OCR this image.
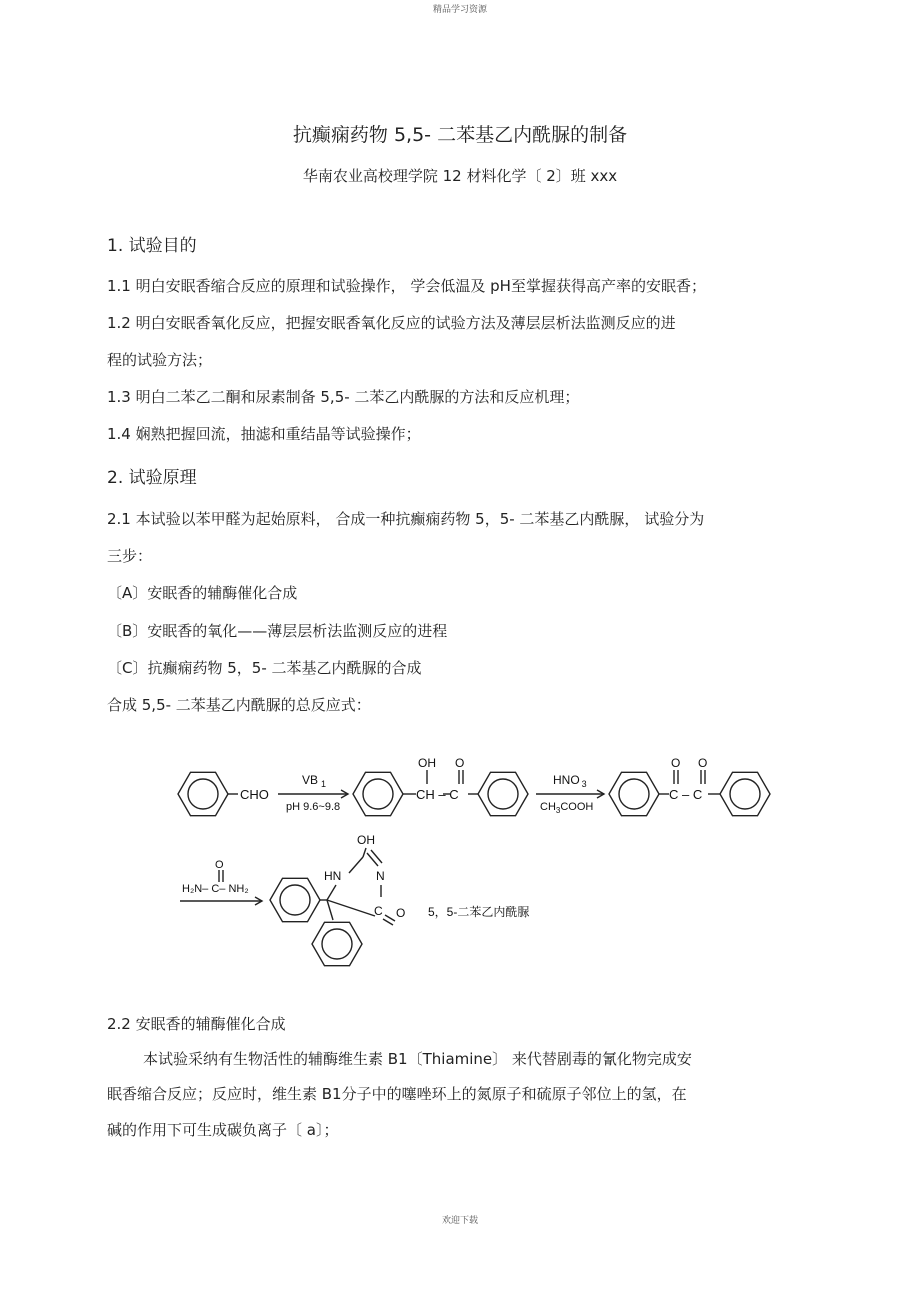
精品学习资源
抗癫痫药物 5,5- 二苯基乙内酰脲的制备
华南农业高校理学院 12 材料化学〔 2〕班 xxx
1. 试验目的
1.1 明白安眠香缩合反应的原理和试验操作， 学会低温及 pH至掌握获得高产率的安眠香；
1.2 明白安眠香氧化反应，把握安眠香氧化反应的试验方法及薄层层析法监测反应的进
程的试验方法；
1.3 明白二苯乙二酮和尿素制备 5,5- 二苯乙内酰脲的方法和反应机理；
1.4 娴熟把握回流，抽滤和重结晶等试验操作；
2. 试验原理
2.1 本试验以苯甲醛为起始原料， 合成一种抗癫痫药物 5，5- 二苯基乙内酰脲， 试验分为
三步：
〔A〕安眠香的辅酶催化合成
〔B〕安眠香的氧化——薄层层析法监测反应的进程
〔C〕抗癫痫药物 5，5- 二苯基乙内酰脲的合成
合成 5,5- 二苯基乙内酰脲的总反应式：
CHO
VB $_1$
pH 9.6~9.8
OH O
CH – C
HNO $_3$
$CH_3COOH$
O O
C – C
O
H₂N– C– NH₂
OH
HN	N
C O 5，5-二苯乙内酰脲
2.2 安眠香的辅酶催化合成
本试验采纳有生物活性的辅酶维生素 B1〔Thiamine〕 来代替剧毒的氰化物完成安
眠香缩合反应；反应时，维生素 B1分子中的噻唑环上的氮原子和硫原子邻位上的氢，在
碱的作用下可生成碳负离子〔 a〕；
欢迎下载
